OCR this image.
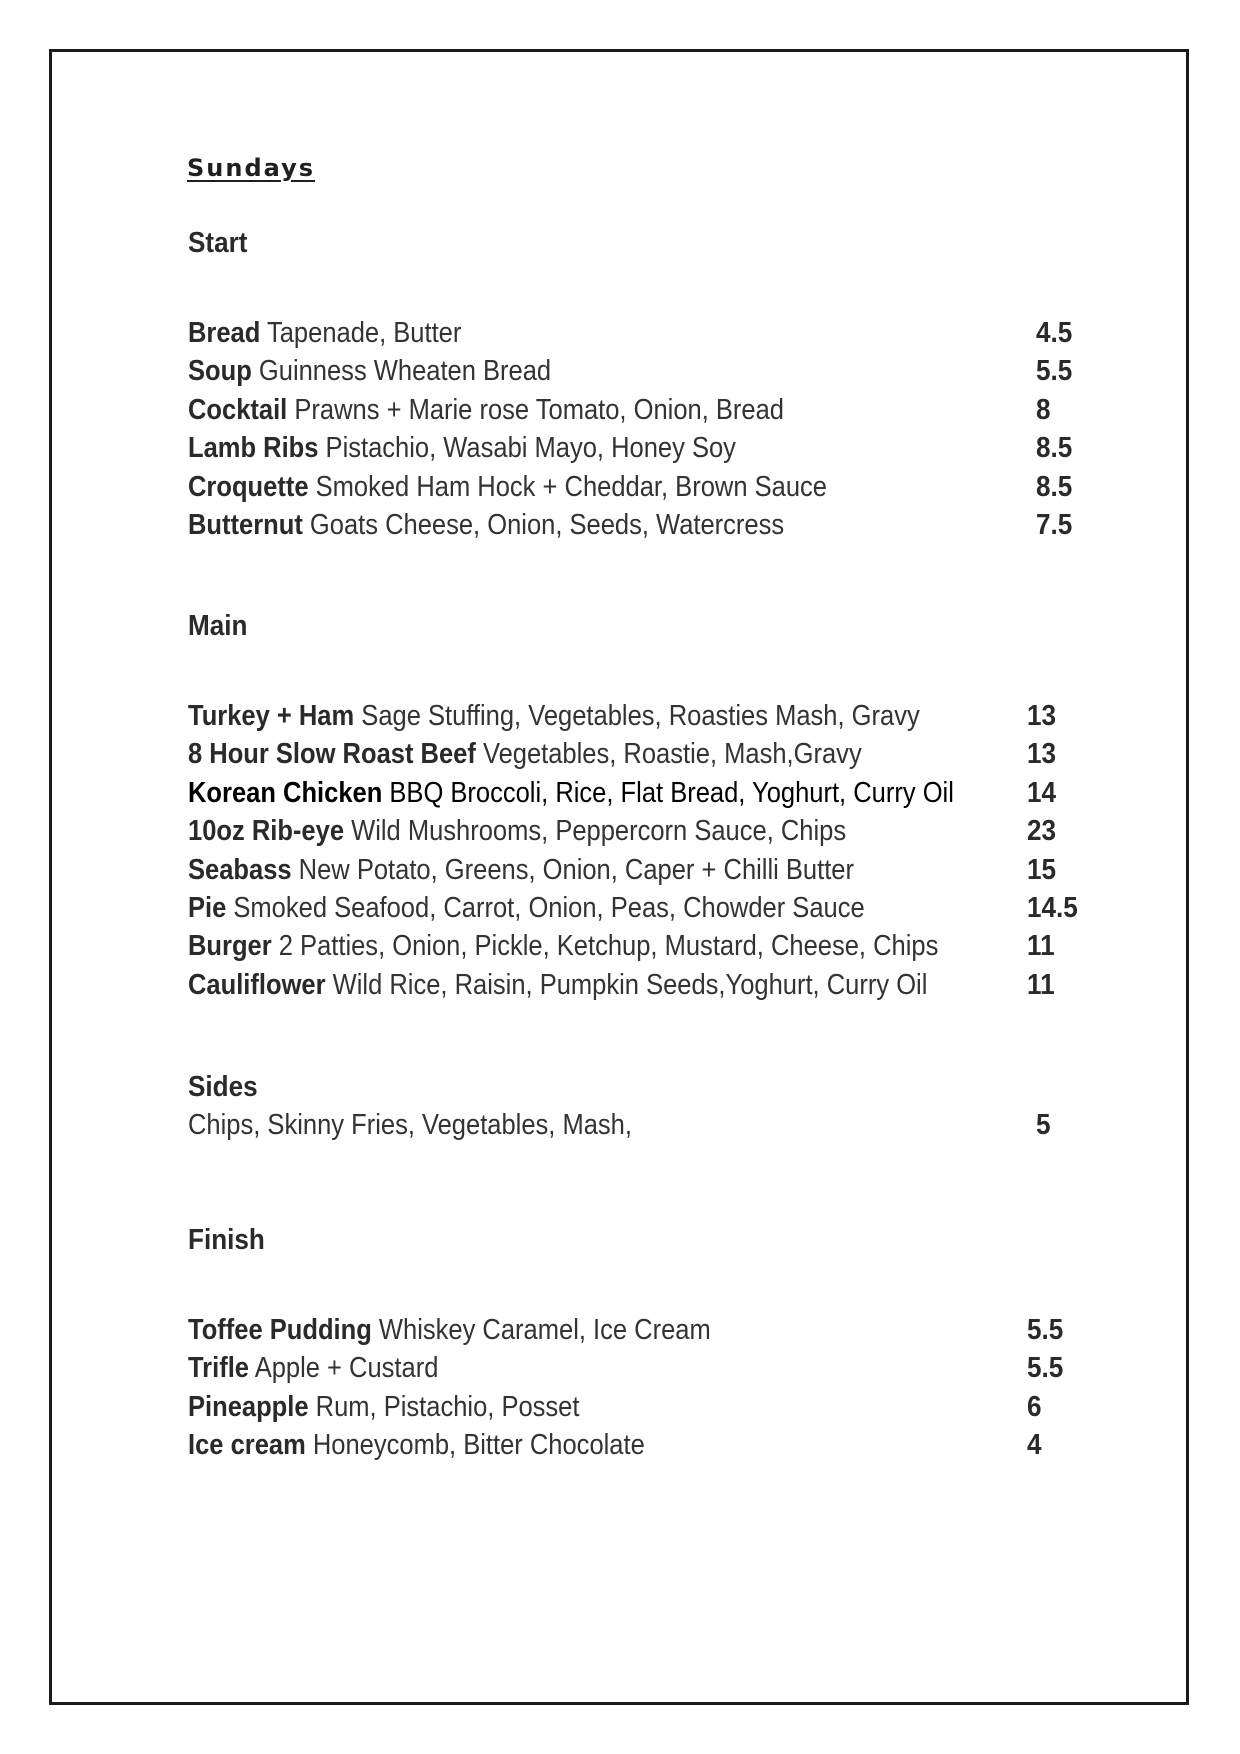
Sundays
Start
Bread Tapenade, Butter	4.5
Soup Guinness Wheaten Bread	5.5
Cocktail Prawns + Marie rose Tomato, Onion, Bread	8
Lamb Ribs Pistachio, Wasabi Mayo, Honey Soy	8.5
Croquette Smoked Ham Hock + Cheddar, Brown Sauce	8.5
Butternut Goats Cheese, Onion, Seeds, Watercress	7.5
Main
Turkey + Ham Sage Stuffing, Vegetables, Roasties Mash, Gravy	13
8 Hour Slow Roast Beef Vegetables, Roastie, Mash,Gravy	13
Korean Chicken BBQ Broccoli, Rice, Flat Bread, Yoghurt, Curry Oil	14
10oz Rib-eye Wild Mushrooms, Peppercorn Sauce, Chips	23
Seabass New Potato, Greens, Onion, Caper + Chilli Butter	15
Pie Smoked Seafood, Carrot, Onion, Peas, Chowder Sauce	14.5
Burger 2 Patties, Onion, Pickle, Ketchup, Mustard, Cheese, Chips	11
Cauliflower Wild Rice, Raisin, Pumpkin Seeds,Yoghurt, Curry Oil	11
Sides
Chips, Skinny Fries, Vegetables, Mash,	5
Finish
Toffee Pudding Whiskey Caramel, Ice Cream	5.5
Trifle Apple + Custard	5.5
Pineapple Rum, Pistachio, Posset	6
Ice cream Honeycomb, Bitter Chocolate	4
